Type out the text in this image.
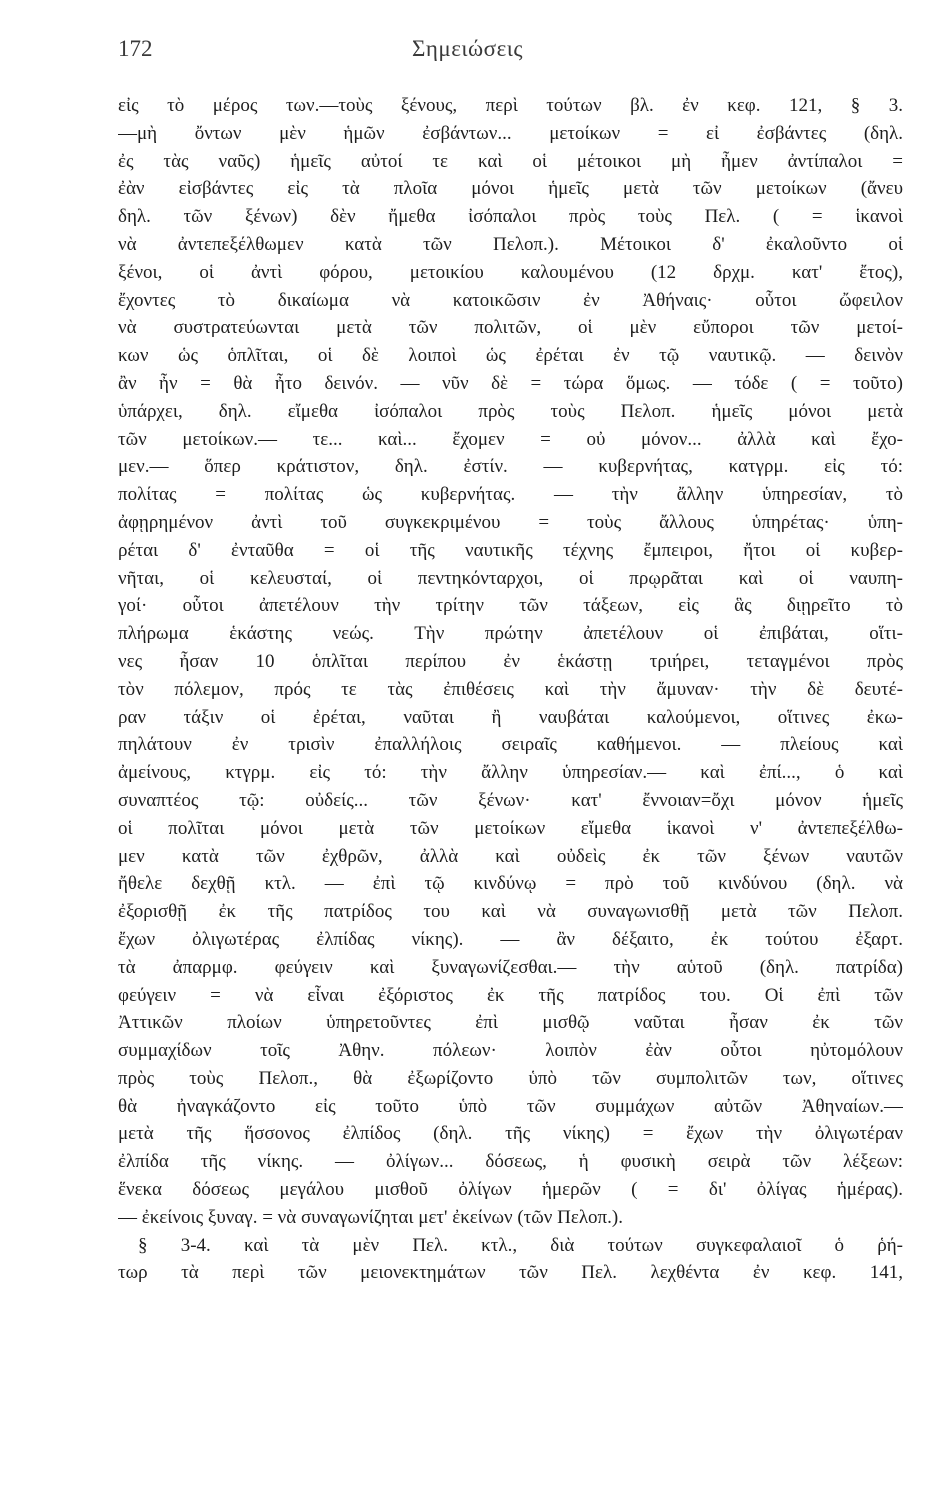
172	Σημειώσεις
εἰς τὸ μέρος των.—τοὺς ξένους, περὶ τούτων βλ. ἐν κεφ. 121, § 3.
—μὴ ὄντων μὲν ἡμῶν ἐσβάντων... μετοίκων = εἰ ἐσβάντες (δηλ.
ἐς τὰς ναῦς) ἡμεῖς αὐτοί τε καὶ οἱ μέτοικοι μὴ ἦμεν ἀντίπαλοι =
ἐὰν εἰσβάντες εἰς τὰ πλοῖα μόνοι ἡμεῖς μετὰ τῶν μετοίκων (ἄνευ
δηλ. τῶν ξένων) δὲν ἤμεθα ἰσόπαλοι πρὸς τοὺς Πελ. ( = ἱκανοὶ
νὰ ἀντεπεξέλθωμεν κατὰ τῶν Πελοπ.). Μέτοικοι δ' ἐκαλοῦντο οἱ
ξένοι, οἱ ἀντὶ φόρου, μετοικίου καλουμένου (12 δρχμ. κατ' ἔτος),
ἔχοντες τὸ δικαίωμα νὰ κατοικῶσιν ἐν Ἀθήναις· οὗτοι ὤφειλον
νὰ συστρατεύωνται μετὰ τῶν πολιτῶν, οἱ μὲν εὔποροι τῶν μετοί-
κων ὡς ὁπλῖται, οἱ δὲ λοιποὶ ὡς ἐρέται ἐν τῷ ναυτικῷ. — δεινὸν
ἂν ἦν = θὰ ἦτο δεινόν. — νῦν δὲ = τώρα ὅμως. — τόδε ( = τοῦτο)
ὑπάρχει, δηλ. εἴμεθα ἰσόπαλοι πρὸς τοὺς Πελοπ. ἡμεῖς μόνοι μετὰ
τῶν μετοίκων.— τε... καὶ... ἔχομεν = οὐ μόνον... ἀλλὰ καὶ ἔχο-
μεν.— ὅπερ κράτιστον, δηλ. ἐστίν. — κυβερνήτας, κατγρμ. εἰς τό:
πολίτας = πολίτας ὡς κυβερνήτας. — τὴν ἄλλην ὑπηρεσίαν, τὸ
ἀφῃρημένον ἀντὶ τοῦ συγκεκριμένου = τοὺς ἄλλους ὑπηρέτας· ὑπη-
ρέται δ' ἐνταῦθα = οἱ τῆς ναυτικῆς τέχνης ἔμπειροι, ἤτοι οἱ κυβερ-
νῆται, οἱ κελευσταί, οἱ πεντηκόνταρχοι, οἱ πρῳρᾶται καὶ οἱ ναυπη-
γοί· οὗτοι ἀπετέλουν τὴν τρίτην τῶν τάξεων, εἰς ἃς διῃρεῖτο τὸ
πλήρωμα ἑκάστης νεώς. Τὴν πρώτην ἀπετέλουν οἱ ἐπιβάται, οἵτι-
νες ἦσαν 10 ὁπλῖται περίπου ἐν ἑκάστῃ τριήρει, τεταγμένοι πρὸς
τὸν πόλεμον, πρός τε τὰς ἐπιθέσεις καὶ τὴν ἄμυναν· τὴν δὲ δευτέ-
ραν τάξιν οἱ ἐρέται, ναῦται ἢ ναυβάται καλούμενοι, οἵτινες ἐκω-
πηλάτουν ἐν τρισὶν ἐπαλλήλοις σειραῖς καθήμενοι. — πλείους καὶ
ἀμείνους, κτγρμ. εἰς τό: τὴν ἄλλην ὑπηρεσίαν.— καὶ ἐπί..., ὁ καὶ
συναπτέος τῷ: οὐδείς... τῶν ξένων· κατ' ἔννοιαν=ὄχι μόνον ἡμεῖς
οἱ πολῖται μόνοι μετὰ τῶν μετοίκων εἴμεθα ἱκανοὶ ν' ἀντεπεξέλθω-
μεν κατὰ τῶν ἐχθρῶν, ἀλλὰ καὶ οὐδεὶς ἐκ τῶν ξένων ναυτῶν
ἤθελε δεχθῇ κτλ. — ἐπὶ τῷ κινδύνῳ = πρὸ τοῦ κινδύνου (δηλ. νὰ
ἐξορισθῇ ἐκ τῆς πατρίδος του καὶ νὰ συναγωνισθῇ μετὰ τῶν Πελοπ.
ἔχων ὀλιγωτέρας ἐλπίδας νίκης). — ἂν δέξαιτο, ἐκ τούτου ἐξαρτ.
τὰ ἀπαρμφ. φεύγειν καὶ ξυναγωνίζεσθαι.— τὴν αὑτοῦ (δηλ. πατρίδα)
φεύγειν = νὰ εἶναι ἐξόριστος ἐκ τῆς πατρίδος του. Οἱ ἐπὶ τῶν
Ἀττικῶν πλοίων ὑπηρετοῦντες ἐπὶ μισθῷ ναῦται ἦσαν ἐκ τῶν
συμμαχίδων τοῖς Ἀθην. πόλεων· λοιπὸν ἐὰν οὗτοι ηὐτομόλουν
πρὸς τοὺς Πελοπ., θὰ ἐξωρίζοντο ὑπὸ τῶν συμπολιτῶν των, οἵτινες
θὰ ἠναγκάζοντο εἰς τοῦτο ὑπὸ τῶν συμμάχων αὐτῶν Ἀθηναίων.—
μετὰ τῆς ἥσσονος ἐλπίδος (δηλ. τῆς νίκης) = ἔχων τὴν ὀλιγωτέραν
ἐλπίδα τῆς νίκης. — ὀλίγων... δόσεως, ἡ φυσικὴ σειρὰ τῶν λέξεων:
ἕνεκα δόσεως μεγάλου μισθοῦ ὀλίγων ἡμερῶν ( = δι' ὀλίγας ἡμέρας).
— ἐκείνοις ξυναγ. = νὰ συναγωνίζηται μετ' ἐκείνων (τῶν Πελοπ.).
§ 3-4. καὶ τὰ μὲν Πελ. κτλ., διὰ τούτων συγκεφαλαιοῖ ὁ ῥή-
τωρ τὰ περὶ τῶν μειονεκτημάτων τῶν Πελ. λεχθέντα ἐν κεφ. 141,
